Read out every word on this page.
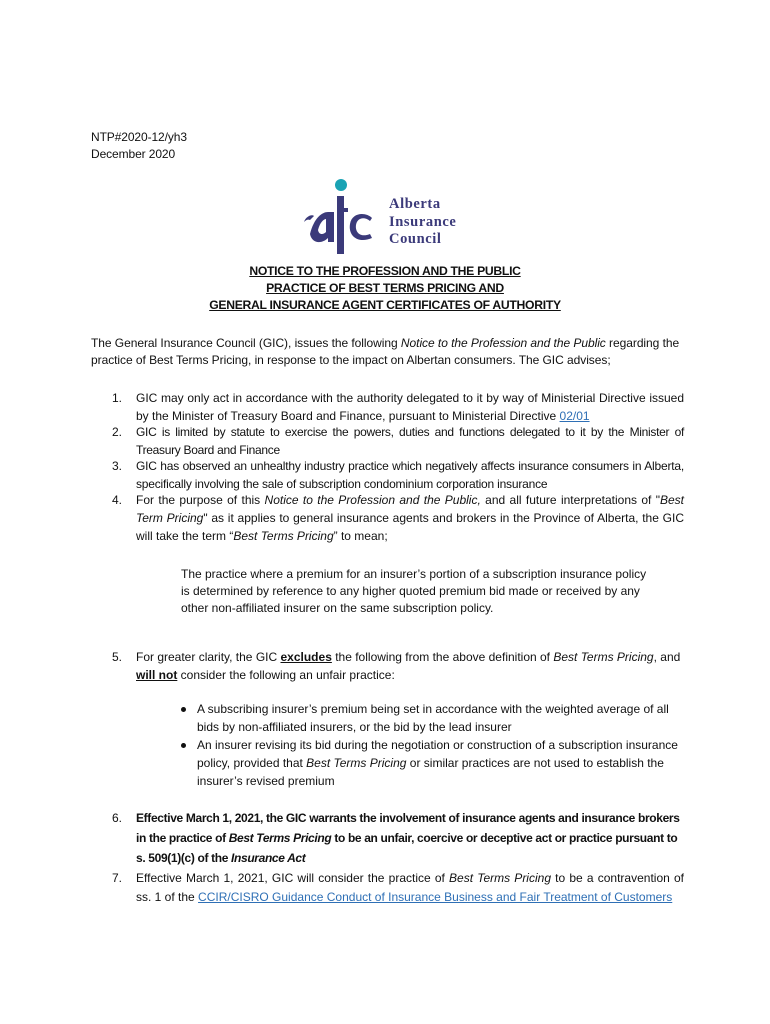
NTP#2020-12/yh3
December 2020
Alberta
Insurance
Council
NOTICE TO THE PROFESSION AND THE PUBLIC
PRACTICE OF BEST TERMS PRICING AND
GENERAL INSURANCE AGENT CERTIFICATES OF AUTHORITY
The General Insurance Council (GIC), issues the following Notice to the Profession and the Public regarding the practice of Best Terms Pricing, in response to the impact on Albertan consumers. The GIC advises;
1. GIC may only act in accordance with the authority delegated to it by way of Ministerial Directive issued by the Minister of Treasury Board and Finance, pursuant to Ministerial Directive 02/01
2. GIC is limited by statute to exercise the powers, duties and functions delegated to it by the Minister of Treasury Board and Finance
3. GIC has observed an unhealthy industry practice which negatively affects insurance consumers in Alberta, specifically involving the sale of subscription condominium corporation insurance
4. For the purpose of this Notice to the Profession and the Public, and all future interpretations of "Best Term Pricing" as it applies to general insurance agents and brokers in the Province of Alberta, the GIC will take the term “Best Terms Pricing” to mean;
The practice where a premium for an insurer’s portion of a subscription insurance policy is determined by reference to any higher quoted premium bid made or received by any other non-affiliated insurer on the same subscription policy.
5. For greater clarity, the GIC excludes the following from the above definition of Best Terms Pricing, and will not consider the following an unfair practice:
A subscribing insurer’s premium being set in accordance with the weighted average of all bids by non-affiliated insurers, or the bid by the lead insurer
An insurer revising its bid during the negotiation or construction of a subscription insurance policy, provided that Best Terms Pricing or similar practices are not used to establish the insurer’s revised premium
6. Effective March 1, 2021, the GIC warrants the involvement of insurance agents and insurance brokers in the practice of Best Terms Pricing to be an unfair, coercive or deceptive act or practice pursuant to s. 509(1)(c) of the Insurance Act
7. Effective March 1, 2021, GIC will consider the practice of Best Terms Pricing to be a contravention of ss. 1 of the CCIR/CISRO Guidance Conduct of Insurance Business and Fair Treatment of Customers
